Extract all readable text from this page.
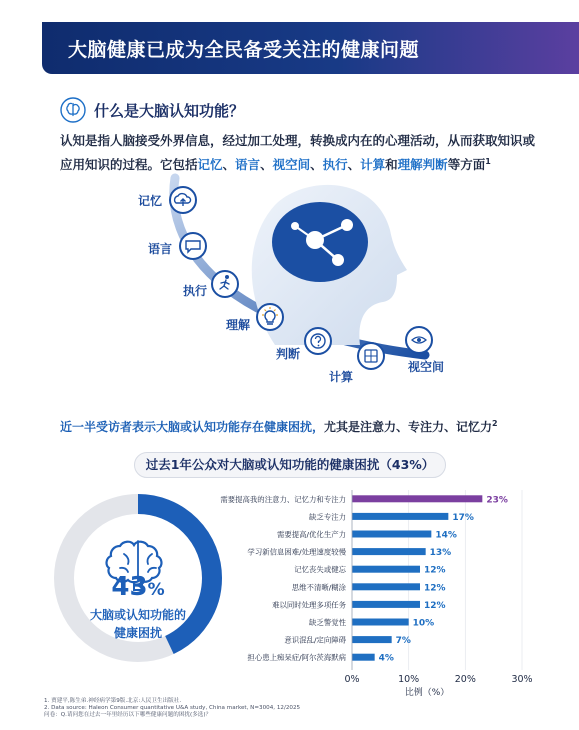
大脑健康已成为全民备受关注的健康问题
什么是大脑认知功能？
认知是指人脑接受外界信息，经过加工处理，转换成内在的心理活动，从而获取知识或应用知识的过程。它包括记忆、语言、视空间、执行、计算和理解判断等方面$^1$
记忆
语言
执行
理解
判断
计算
视空间
近一半受访者表示大脑或认知功能存在健康困扰，尤其是注意力、专注力、记忆力$^2$
过去1年公众对大脑或认知功能的健康困扰（43%）
43%
大脑或认知功能的
健康困扰
0%	10%	20%	30%
需要提高我的注意力、记忆力和专注力	23%
缺乏专注力	17%
需要提高/优化生产力	14%
学习新信息困难/处理速度较慢	13%
记忆丧失或健忘	12%
思维不清晰/糊涂	12%
难以同时处理多项任务	12%
缺乏警觉性	10%
意识混乱/定向障碍	7%
担心患上痴呆症/阿尔茨海默病	4%
比例（%）
1. 贾建平,陈生弟.神经病学第9版.北京:人民卫生出版社.
2. Data source: Haleon Consumer quantitative U&A study, China market, N=3004, 12/2025
问卷：Q.请问您在过去一年里经历以下哪些健康问题的困扰(多选)？
